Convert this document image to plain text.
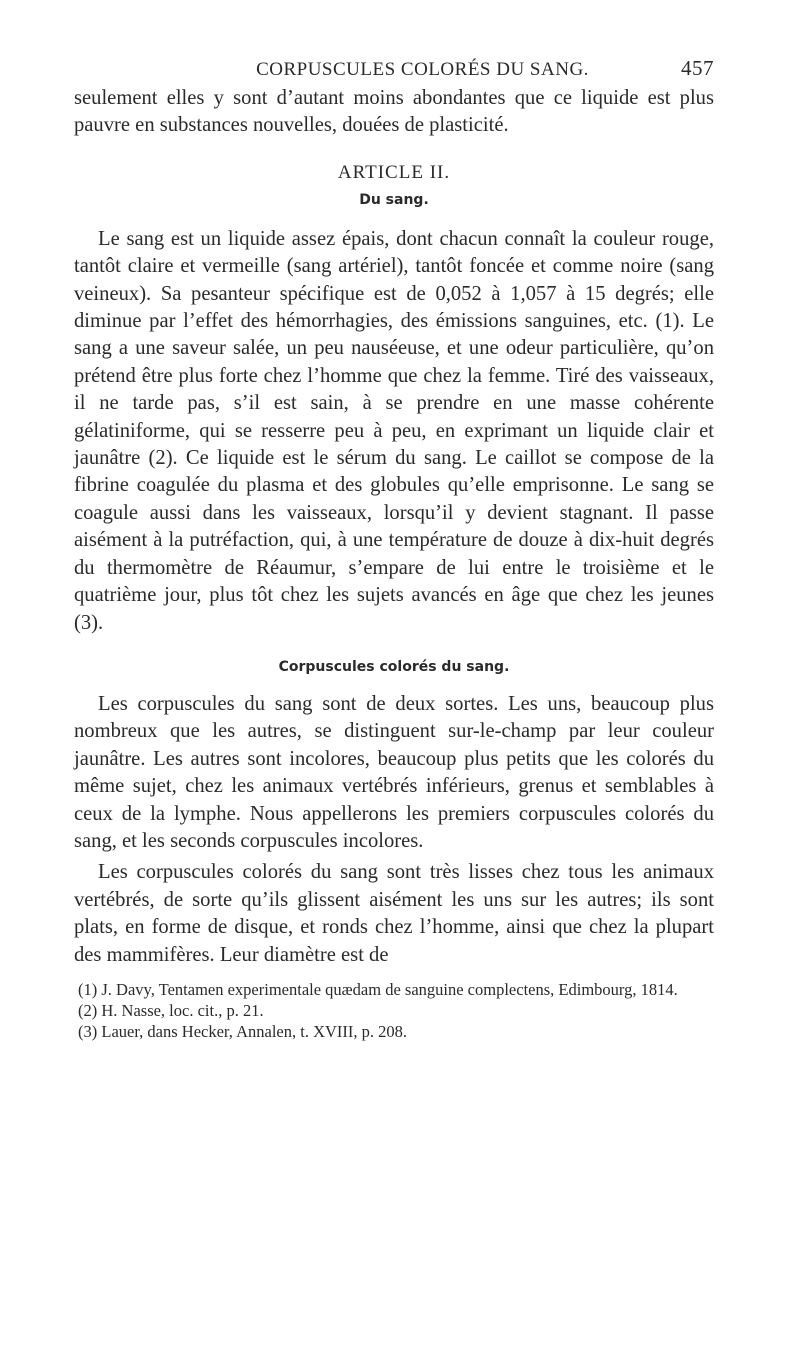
CORPUSCULES COLORÉS DU SANG.	457

seulement elles y sont d’autant moins abondantes que ce liquide est plus pauvre en substances nouvelles, douées de plasticité.

ARTICLE II.
Du sang.

Le sang est un liquide assez épais, dont chacun connaît la couleur rouge, tantôt claire et vermeille (sang artériel), tantôt foncée et comme noire (sang veineux). Sa pesanteur spécifique est de 0,052 à 1,057 à 15 degrés; elle diminue par l’effet des hémorrhagies, des émissions sanguines, etc. (1). Le sang a une saveur salée, un peu nauséeuse, et une odeur particulière, qu’on prétend être plus forte chez l’homme que chez la femme. Tiré des vaisseaux, il ne tarde pas, s’il est sain, à se prendre en une masse cohérente gélatiniforme, qui se resserre peu à peu, en exprimant un liquide clair et jaunâtre (2). Ce liquide est le sérum du sang. Le caillot se compose de la fibrine coagulée du plasma et des globules qu’elle emprisonne. Le sang se coagule aussi dans les vaisseaux, lorsqu’il y devient stagnant. Il passe aisément à la putréfaction, qui, à une température de douze à dix-huit degrés du thermomètre de Réaumur, s’empare de lui entre le troisième et le quatrième jour, plus tôt chez les sujets avancés en âge que chez les jeunes (3).

Corpuscules colorés du sang.

Les corpuscules du sang sont de deux sortes. Les uns, beaucoup plus nombreux que les autres, se distinguent sur-le-champ par leur couleur jaunâtre. Les autres sont incolores, beaucoup plus petits que les colorés du même sujet, chez les animaux vertébrés inférieurs, grenus et semblables à ceux de la lymphe. Nous appellerons les premiers corpuscules colorés du sang, et les seconds corpuscules incolores.

Les corpuscules colorés du sang sont très lisses chez tous les animaux vertébrés, de sorte qu’ils glissent aisément les uns sur les autres; ils sont plats, en forme de disque, et ronds chez l’homme, ainsi que chez la plupart des mammifères. Leur diamètre est de

(1) J. Davy, Tentamen experimentale quædam de sanguine complectens, Edimbourg, 1814.

(2) H. Nasse, loc. cit., p. 21.

(3) Lauer, dans Hecker, Annalen, t. XVIII, p. 208.
